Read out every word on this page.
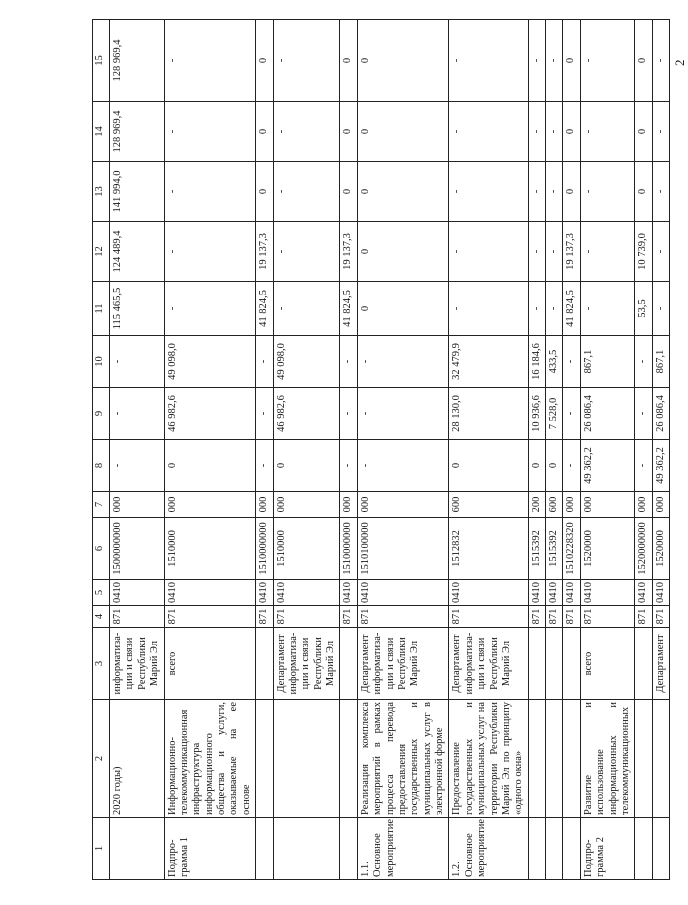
2
1	2	3	4	5	6	7	8	9	10	11	12	13	14	15
	2020 годы)	информатиза-ции и связи Республики Марий Эл	871	0410	1500000000	000	-	-	-	115 465,5	124 489,4	141 994,0	128 969,4	128 969,4
Подпро-грамма 1	Информационно-телекоммуникационная инфраструктура информационного общества и услуги, оказываемые на ее основе	всего	871	0410	1510000	000	0	46 982,6	49 098,0	-	-	-	-	-
			871	0410	1510000000	000	-	-	-	41 824,5	19 137,3	0	0	0
		Департамент информатиза-ции и связи Республики Марий Эл	871	0410	1510000	000	0	46 982,6	49 098,0	-	-	-	-	-
			871	0410	1510000000	000	-	-	-	41 824,5	19 137,3	0	0	0
1.1. Основное мероприятие	Реализация комплекса мероприятий в рамках процесса перевода предоставления государственных и муниципальных услуг в электронной форме	Департамент информатиза-ции и связи Республики Марий Эл	871	0410	1510100000	000	-	-	-	0	0	0	0	0
1.2. Основное мероприятие	Предоставление государственных и муниципальных услуг на территории Республики Марий Эл по принципу «одного окна»	Департамент информатиза-ции и связи Республики Марий Эл	871	0410	1512832	600	0	28 130,0	32 479,9	-	-	-	-	-
			871	0410	1515392	200	0	10 936,6	16 184,6	-	-	-	-	-
			871	0410	1515392	600	0	7 528,0	433,5	-	-	-	-	-
			871	0410	1510228320	000	-	-	-	41 824,5	19 137,3	0	0	0
Подпро-грамма 2	Развитие и использование информационных и телекоммуникационных	всего	871	0410	1520000	000	49 362,2	26 086,4	867,1	-	-	-	-	-
			871	0410	1520000000	000	-	-	-	53,5	10 739,0	0	0	0
		Департамент	871	0410	1520000	000	49 362,2	26 086,4	867,1	-	-	-	-	-
